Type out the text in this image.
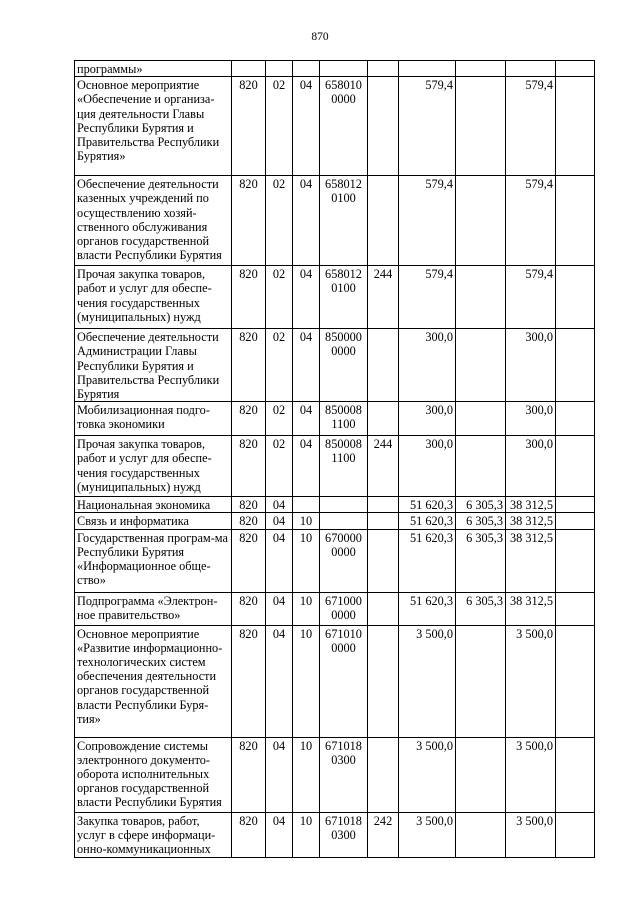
870
программы»									
Основное мероприятие «Обеспечение и организа-ция деятельности Главы Республики Бурятия и Правительства Республики Бурятия»	820	02	04	658010 0000		579,4		579,4	
Обеспечение деятельности казенных учреждений по осуществлению хозяй-ственного обслуживания органов государственной власти Республики Бурятия	820	02	04	658012 0100		579,4		579,4	
Прочая закупка товаров, работ и услуг для обеспе-чения государственных (муниципальных) нужд	820	02	04	658012 0100	244	579,4		579,4	
Обеспечение деятельности Администрации Главы Республики Бурятия и Правительства Республики Бурятия	820	02	04	850000 0000		300,0		300,0	
Мобилизационная подго-товка экономики	820	02	04	850008 1100		300,0		300,0	
Прочая закупка товаров, работ и услуг для обеспе-чения государственных (муниципальных) нужд	820	02	04	850008 1100	244	300,0		300,0	
Национальная экономика	820	04				51 620,3	6 305,3	38 312,5	
Связь и информатика	820	04	10			51 620,3	6 305,3	38 312,5	
Государственная програм-ма Республики Бурятия «Информационное обще-ство»	820	04	10	670000 0000		51 620,3	6 305,3	38 312,5	
Подпрограмма «Электрон-ное правительство»	820	04	10	671000 0000		51 620,3	6 305,3	38 312,5	
Основное мероприятие «Развитие информационно-технологических систем обеспечения деятельности органов государственной власти Республики Буря-тия»	820	04	10	671010 0000		3 500,0		3 500,0	
Сопровождение системы электронного документо-оборота исполнительных органов государственной власти Республики Бурятия	820	04	10	671018 0300		3 500,0		3 500,0	
Закупка товаров, работ, услуг в сфере информаци-онно-коммуникационных	820	04	10	671018 0300	242	3 500,0		3 500,0	
